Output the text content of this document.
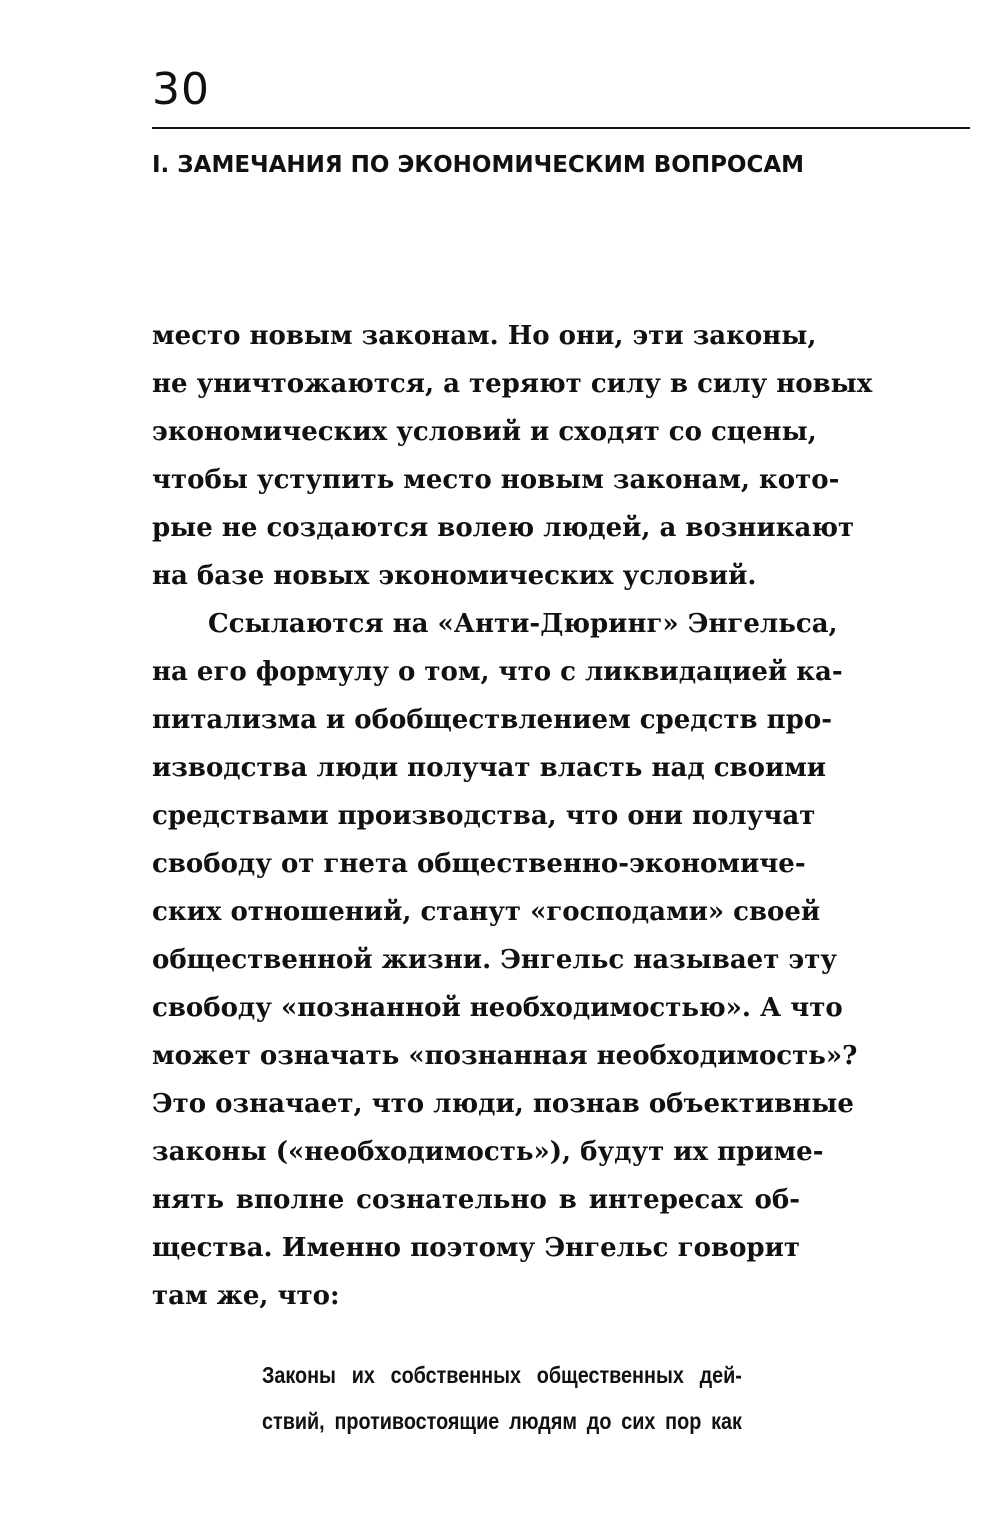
30
I. ЗАМЕЧАНИЯ ПО ЭКОНОМИЧЕСКИМ ВОПРОСАМ
место новым законам. Но они, эти законы,
не уничтожаются, а теряют силу в силу новых
экономических условий и сходят со сцены,
чтобы уступить место новым законам, кото-
рые не создаются волею людей, а возникают
на базе новых экономических условий.
Ссылаются на «Анти-Дюринг» Энгельса,
на его формулу о том, что с ликвидацией ка-
питализма и обобществлением средств про-
изводства люди получат власть над своими
средствами производства, что они получат
свободу от гнета общественно-экономиче-
ских отношений, станут «господами» своей
общественной жизни. Энгельс называет эту
свободу «познанной необходимостью». А что
может означать «познанная необходимость»?
Это означает, что люди, познав объективные
законы («необходимость»), будут их приме-
нять вполне сознательно в интересах об-
щества. Именно поэтому Энгельс говорит
там же, что:
Законы их собственных общественных дей-
ствий, противостоящие людям до сих пор как
